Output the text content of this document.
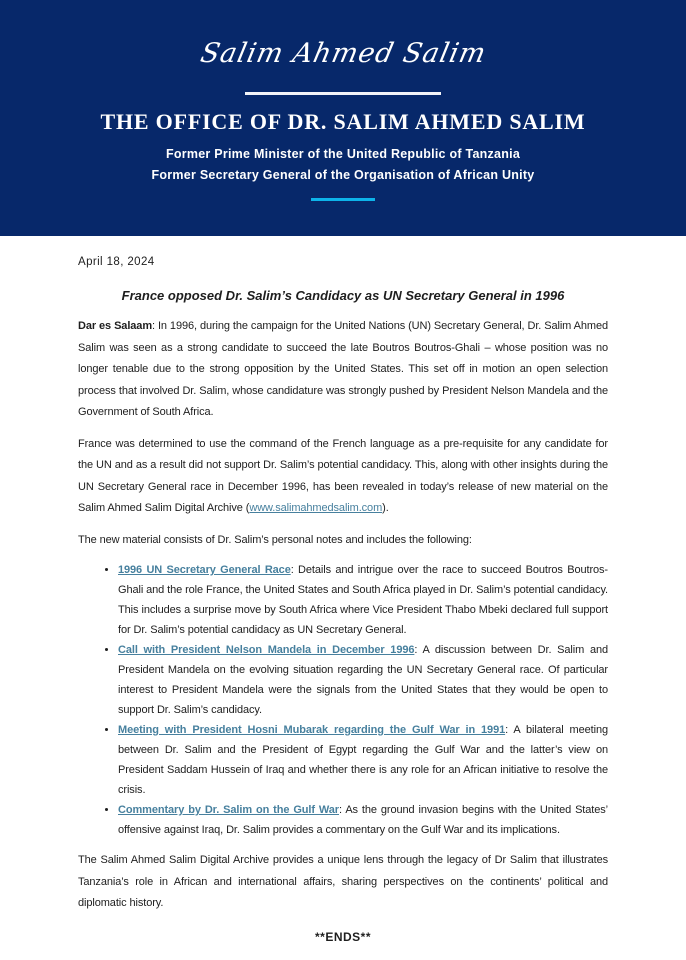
Salim Ahmed Salim
THE OFFICE OF DR. SALIM AHMED SALIM
Former Prime Minister of the United Republic of Tanzania
Former Secretary General of the Organisation of African Unity
April 18, 2024
France opposed Dr. Salim’s Candidacy as UN Secretary General in 1996

Dar es Salaam: In 1996, during the campaign for the United Nations (UN) Secretary General, Dr. Salim Ahmed Salim was seen as a strong candidate to succeed the late Boutros Boutros-Ghali – whose position was no longer tenable due to the strong opposition by the United States. This set off in motion an open selection process that involved Dr. Salim, whose candidature was strongly pushed by President Nelson Mandela and the Government of South Africa.

France was determined to use the command of the French language as a pre-requisite for any candidate for the UN and as a result did not support Dr. Salim’s potential candidacy. This, along with other insights during the UN Secretary General race in December 1996, has been revealed in today’s release of new material on the Salim Ahmed Salim Digital Archive (www.salimahmedsalim.com).

The new material consists of Dr. Salim’s personal notes and includes the following:

• 1996 UN Secretary General Race: Details and intrigue over the race to succeed Boutros Boutros-Ghali and the role France, the United States and South Africa played in Dr. Salim’s potential candidacy. This includes a surprise move by South Africa where Vice President Thabo Mbeki declared full support for Dr. Salim’s potential candidacy as UN Secretary General.
• Call with President Nelson Mandela in December 1996: A discussion between Dr. Salim and President Mandela on the evolving situation regarding the UN Secretary General race. Of particular interest to President Mandela were the signals from the United States that they would be open to support Dr. Salim’s candidacy.
• Meeting with President Hosni Mubarak regarding the Gulf War in 1991: A bilateral meeting between Dr. Salim and the President of Egypt regarding the Gulf War and the latter’s view on President Saddam Hussein of Iraq and whether there is any role for an African initiative to resolve the crisis.
• Commentary by Dr. Salim on the Gulf War: As the ground invasion begins with the United States’ offensive against Iraq, Dr. Salim provides a commentary on the Gulf War and its implications.

The Salim Ahmed Salim Digital Archive provides a unique lens through the legacy of Dr Salim that illustrates Tanzania’s role in African and international affairs, sharing perspectives on the continents’ political and diplomatic history.

**ENDS**
